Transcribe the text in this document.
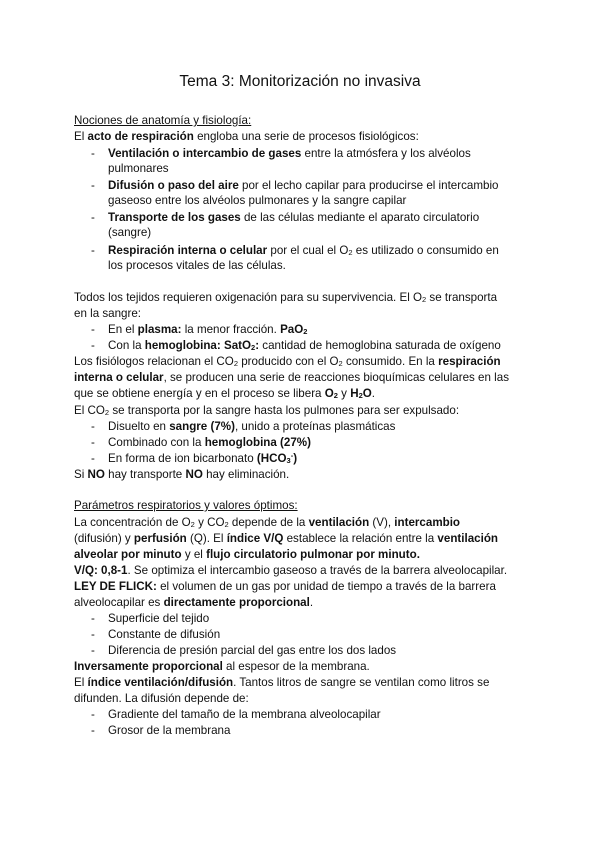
Tema 3: Monitorización no invasiva
Nociones de anatomía y fisiología:
El acto de respiración engloba una serie de procesos fisiológicos:
-	Ventilación o intercambio de gases entre la atmósfera y los alvéolos
pulmonares
-	Difusión o paso del aire por el lecho capilar para producirse el intercambio
gaseoso entre los alvéolos pulmonares y la sangre capilar
-	Transporte de los gases de las células mediante el aparato circulatorio
(sangre)
-	Respiración interna o celular por el cual el $O_2$ es utilizado o consumido en
los procesos vitales de las células.
Todos los tejidos requieren oxigenación para su supervivencia. El $O_2$ se transporta
en la sangre:
-	En el plasma: la menor fracción. PaO$_2$
-	Con la hemoglobina: SatO$_2$: cantidad de hemoglobina saturada de oxígeno
Los fisiólogos relacionan el $CO_2$ producido con el $O_2$ consumido. En la respiración
interna o celular, se producen una serie de reacciones bioquímicas celulares en las
que se obtiene energía y en el proceso se libera $O_2$ y $H_2O$.
El $CO_2$ se transporta por la sangre hasta los pulmones para ser expulsado:
-	Disuelto en sangre (7%), unido a proteínas plasmáticas
-	Combinado con la hemoglobina (27%)
-	En forma de ion bicarbonato $(HCO_3^-)$
Si NO hay transporte NO hay eliminación.
Parámetros respiratorios y valores óptimos:
La concentración de $O_2$ y $CO_2$ depende de la ventilación (V), intercambio
(difusión) y perfusión (Q). El índice V/Q establece la relación entre la ventilación
alveolar por minuto y el flujo circulatorio pulmonar por minuto.
V/Q: 0,8-1. Se optimiza el intercambio gaseoso a través de la barrera alveolocapilar.
LEY DE FLICK: el volumen de un gas por unidad de tiempo a través de la barrera
alveolocapilar es directamente proporcional.
-	Superficie del tejido
-	Constante de difusión
-	Diferencia de presión parcial del gas entre los dos lados
Inversamente proporcional al espesor de la membrana.
El índice ventilación/difusión. Tantos litros de sangre se ventilan como litros se
difunden. La difusión depende de:
-	Gradiente del tamaño de la membrana alveolocapilar
-	Grosor de la membrana
